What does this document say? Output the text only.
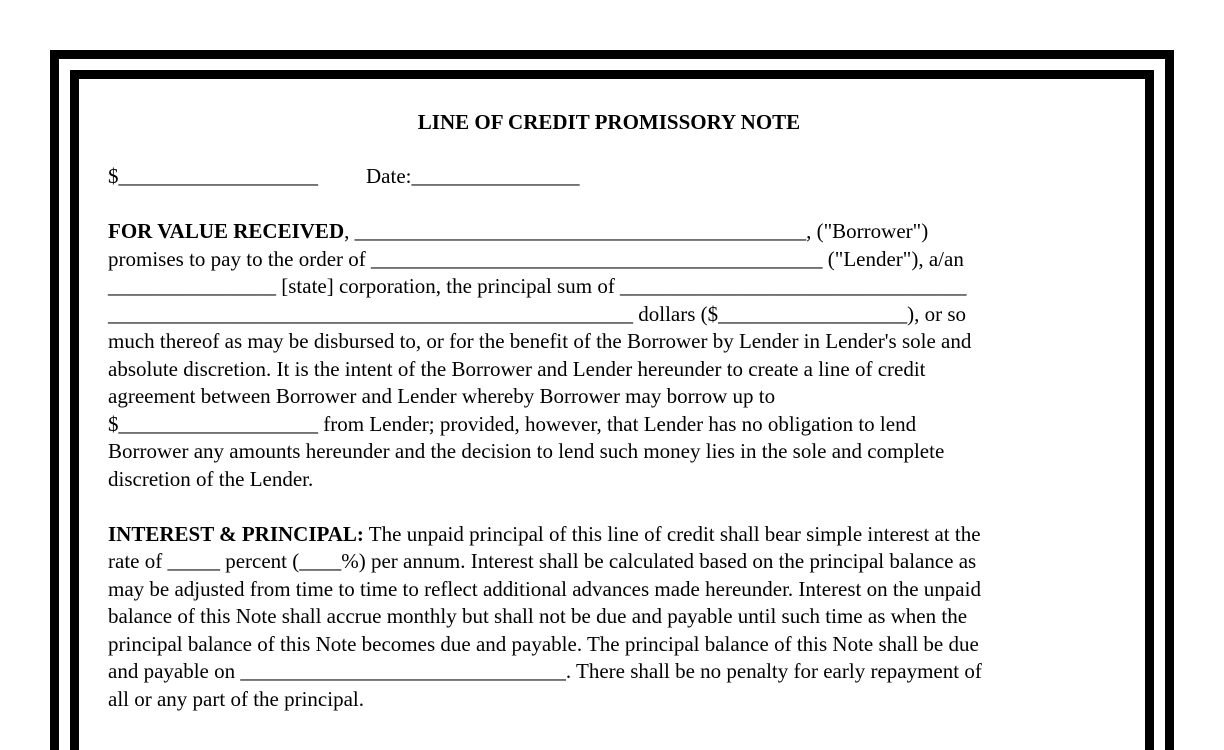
LINE OF CREDIT PROMISSORY NOTE
$___________________ Date:________________
FOR VALUE RECEIVED, ___________________________________________, ("Borrower")
promises to pay to the order of ___________________________________________ ("Lender"), a/an
________________ [state] corporation, the principal sum of _________________________________
__________________________________________________ dollars ($__________________), or so
much thereof as may be disbursed to, or for the benefit of the Borrower by Lender in Lender's sole and
absolute discretion. It is the intent of the Borrower and Lender hereunder to create a line of credit
agreement between Borrower and Lender whereby Borrower may borrow up to
$___________________ from Lender; provided, however, that Lender has no obligation to lend
Borrower any amounts hereunder and the decision to lend such money lies in the sole and complete
discretion of the Lender.
INTEREST & PRINCIPAL: The unpaid principal of this line of credit shall bear simple interest at the
rate of _____ percent (____%) per annum. Interest shall be calculated based on the principal balance as
may be adjusted from time to time to reflect additional advances made hereunder. Interest on the unpaid
balance of this Note shall accrue monthly but shall not be due and payable until such time as when the
principal balance of this Note becomes due and payable. The principal balance of this Note shall be due
and payable on _______________________________. There shall be no penalty for early repayment of
all or any part of the principal.
